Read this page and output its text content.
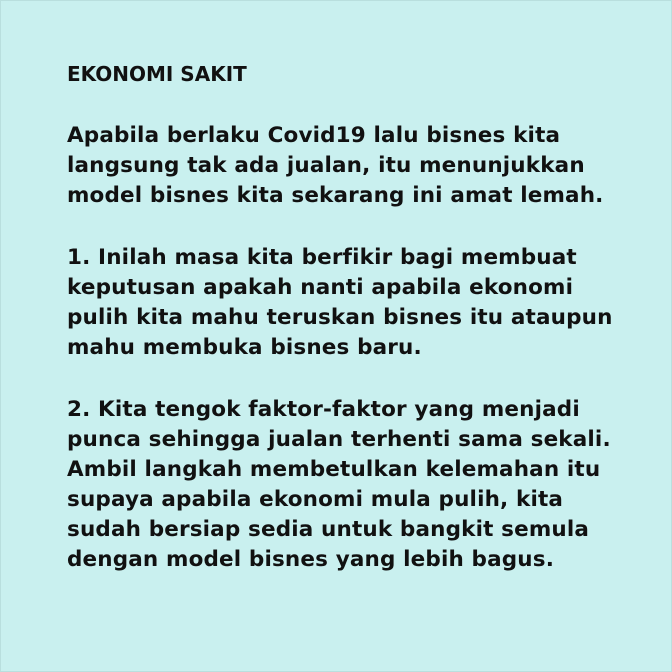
EKONOMI SAKIT

Apabila berlaku Covid19 lalu bisnes kita
langsung tak ada jualan, itu menunjukkan
model bisnes kita sekarang ini amat lemah.

1. Inilah masa kita berfikir bagi membuat
keputusan apakah nanti apabila ekonomi
pulih kita mahu teruskan bisnes itu ataupun
mahu membuka bisnes baru.

2. Kita tengok faktor-faktor yang menjadi
punca sehingga jualan terhenti sama sekali.
Ambil langkah membetulkan kelemahan itu
supaya apabila ekonomi mula pulih, kita
sudah bersiap sedia untuk bangkit semula
dengan model bisnes yang lebih bagus.
